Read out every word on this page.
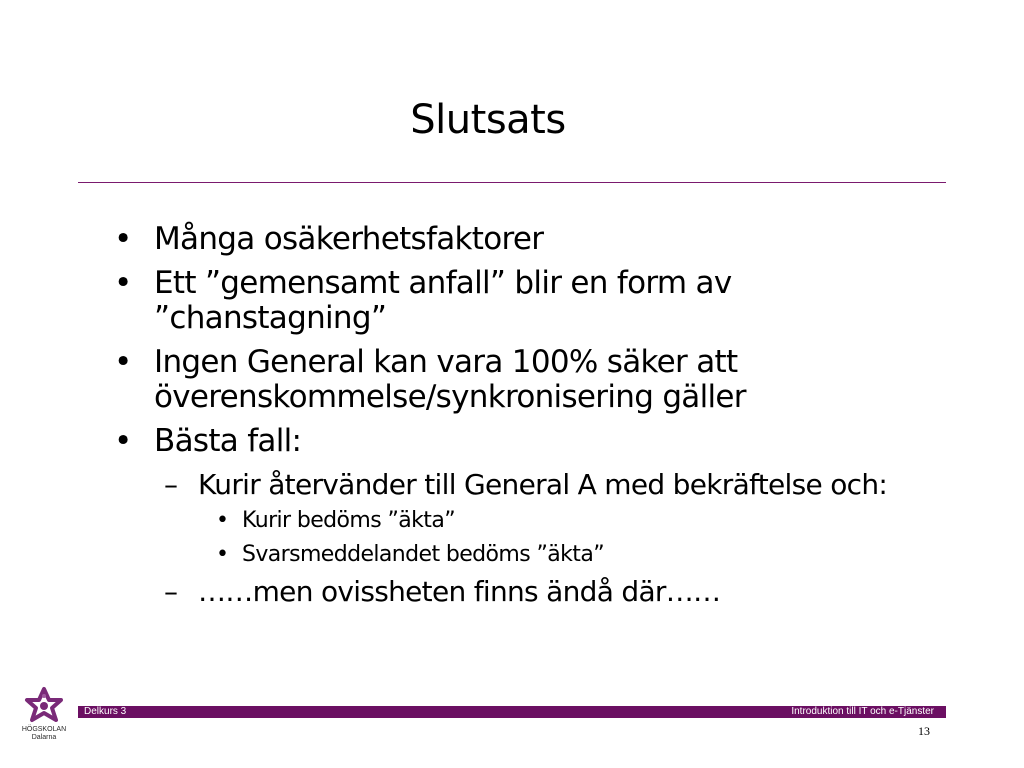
Slutsats
• Många osäkerhetsfaktorer
• Ett ”gemensamt anfall” blir en form av ”chanstagning”
• Ingen General kan vara 100% säker att överenskommelse/synkronisering gäller
• Bästa fall:
– Kurir återvänder till General A med bekräftelse och:
• Kurir bedöms ”äkta”
• Svarsmeddelandet bedöms ”äkta”
– ……men ovissheten finns ändå där……
HÖGSKOLAN
Dalarna
Delkurs 3	Introduktion till IT och e-Tjänster
13
